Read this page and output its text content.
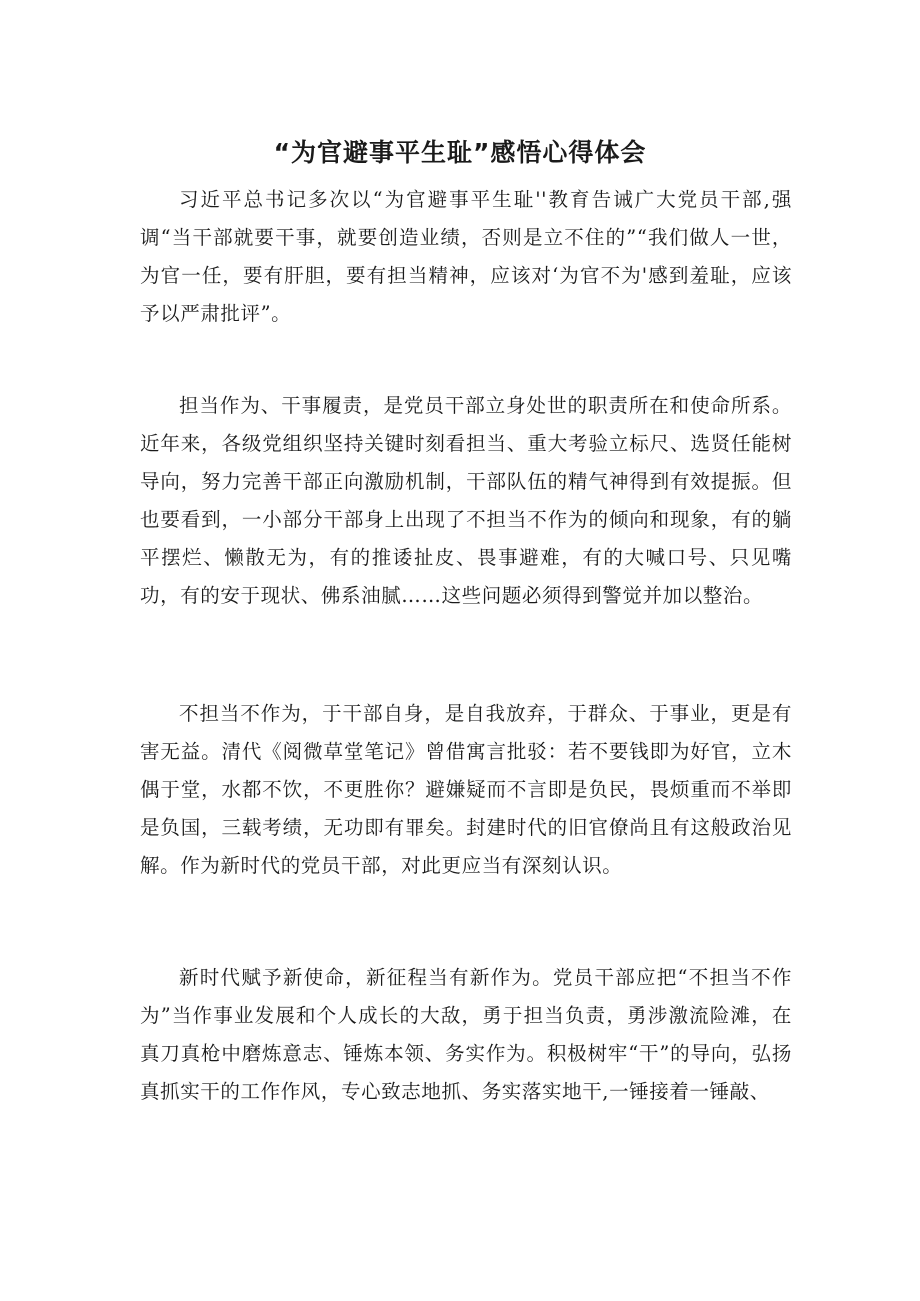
“为官避事平生耻”感悟心得体会

习近平总书记多次以“为官避事平生耻''教育告诫广大党员干部,强调“当干部就要干事，就要创造业绩，否则是立不住的”“我们做人一世，为官一任，要有肝胆，要有担当精神，应该对‘为官不为'感到羞耻，应该予以严肃批评”。

担当作为、干事履责，是党员干部立身处世的职责所在和使命所系。近年来，各级党组织坚持关键时刻看担当、重大考验立标尺、选贤任能树导向，努力完善干部正向激励机制，干部队伍的精气神得到有效提振。但也要看到，一小部分干部身上出现了不担当不作为的倾向和现象，有的躺平摆烂、懒散无为，有的推诿扯皮、畏事避难，有的大喊口号、只见嘴功，有的安于现状、佛系油腻……这些问题必须得到警觉并加以整治。

不担当不作为，于干部自身，是自我放弃，于群众、于事业，更是有害无益。清代《阅微草堂笔记》曾借寓言批驳：若不要钱即为好官，立木偶于堂，水都不饮，不更胜你？避嫌疑而不言即是负民，畏烦重而不举即是负国，三载考绩，无功即有罪矣。封建时代的旧官僚尚且有这般政治见解。作为新时代的党员干部，对此更应当有深刻认识。

新时代赋予新使命，新征程当有新作为。党员干部应把“不担当不作为”当作事业发展和个人成长的大敌，勇于担当负责，勇涉激流险滩，在真刀真枪中磨炼意志、锤炼本领、务实作为。积极树牢“干”的导向，弘扬真抓实干的工作作风，专心致志地抓、务实落实地干,一锤接着一锤敲、
